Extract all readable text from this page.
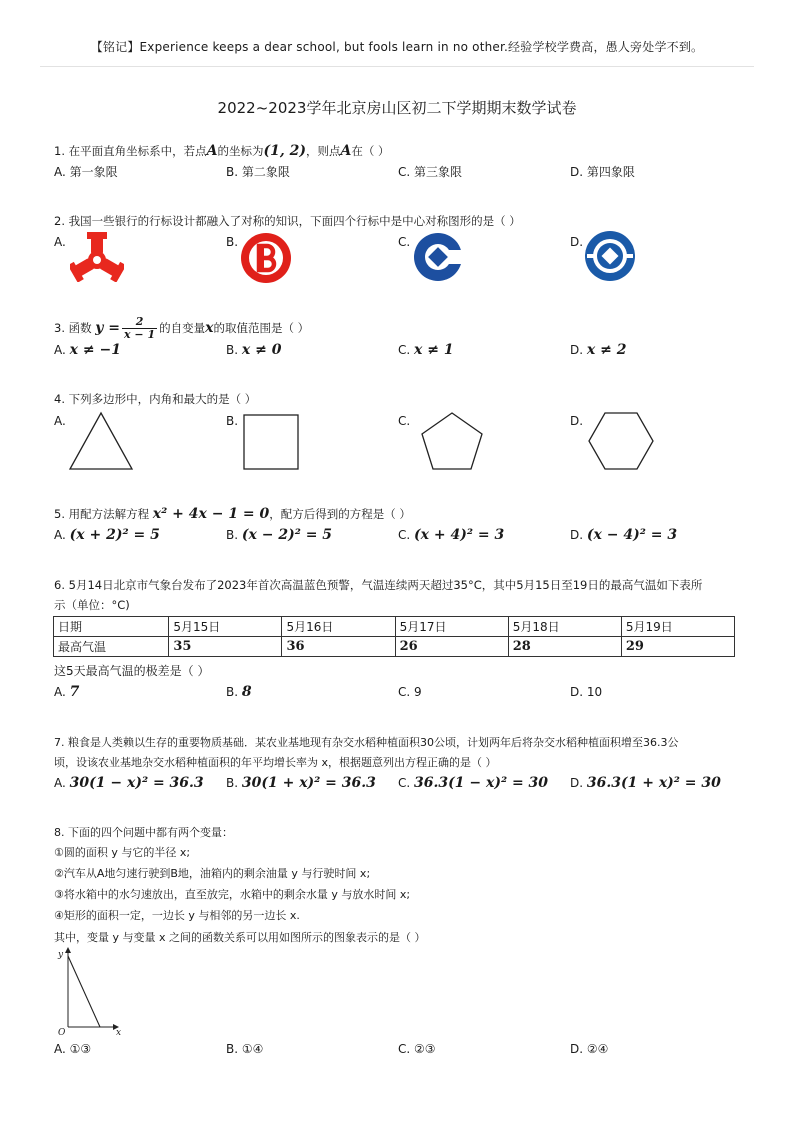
【铭记】Experience keeps a dear school, but fools learn in no other.经验学校学费高，愚人旁处学不到。
2022~2023学年北京房山区初二下学期期末数学试卷
1. 在平面直角坐标系中，若点A的坐标为(1, 2)，则点A在（ ）
A. 第一象限	B. 第二象限	C. 第三象限	D. 第四象限
2. 我国一些银行的行标设计都融入了对称的知识，下面四个行标中是中心对称图形的是（ ）
A.	B.	C.	D.
3. 函数 $y = \frac{2}{x - 1}$ 的自变量x的取值范围是（ ）
A. x ≠ −1	B. x ≠ 0	C. x ≠ 1	D. x ≠ 2
4. 下列多边形中，内角和最大的是（ ）
A.	B.	C.	D.
5. 用配方法解方程 x² + 4x − 1 = 0，配方后得到的方程是（ ）
A. (x + 2)² = 5	B. (x − 2)² = 5	C. (x + 4)² = 3	D. (x − 4)² = 3
6. 5月14日北京市气象台发布了2023年首次高温蓝色预警，气温连续两天超过35°C，其中5月15日至19日的最高气温如下表所
示（单位：°C)
日期	5月15日	5月16日	5月17日	5月18日	5月19日
最高气温	35	36	26	28	29
这5天最高气温的极差是（ ）
A. 7	B. 8	C. 9	D. 10
7. 粮食是人类赖以生存的重要物质基础．某农业基地现有杂交水稻种植面积30公顷，计划两年后将杂交水稻种植面积增至36.3公
顷，设该农业基地杂交水稻种植面积的年平均增长率为 x，根据题意列出方程正确的是（ ）
A. 30(1 − x)² = 36.3 B. 30(1 + x)² = 36.3 C. 36.3(1 − x)² = 30 D. 36.3(1 + x)² = 30
8. 下面的四个问题中都有两个变量：
①圆的面积 y 与它的半径 x;
②汽车从A地匀速行驶到B地，油箱内的剩余油量 y 与行驶时间 x;
③将水箱中的水匀速放出，直至放完，水箱中的剩余水量 y 与放水时间 x;
④矩形的面积一定，一边长 y 与相邻的另一边长 x.
其中，变量 y 与变量 x 之间的函数关系可以用如图所示的图象表示的是（ ）
y
x
O
A. ①③	B. ①④	C. ②③	D. ②④
